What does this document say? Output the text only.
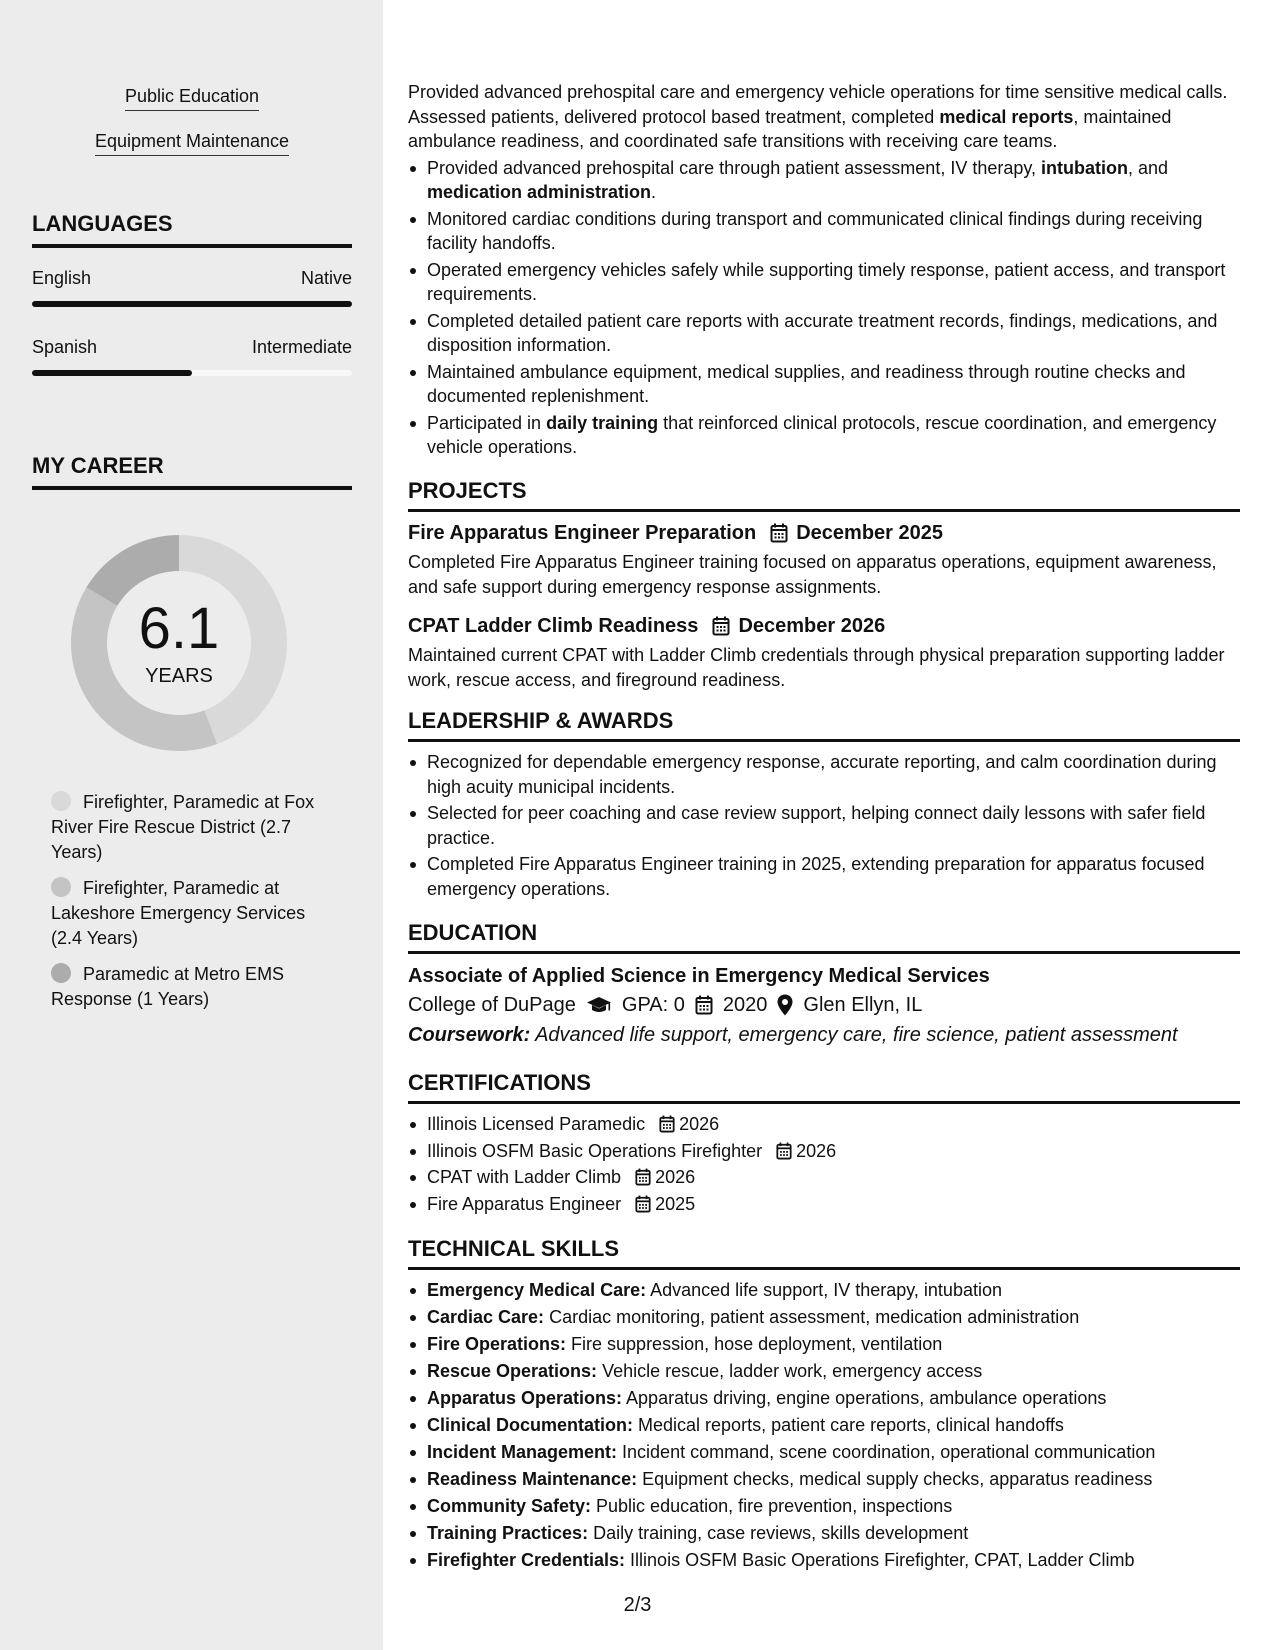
Public Education
Equipment Maintenance
LANGUAGES
English	Native
Spanish	Intermediate
MY CAREER
6.1
YEARS
Firefighter, Paramedic at Fox River Fire Rescue District (2.7 Years)
Firefighter, Paramedic at Lakeshore Emergency Services (2.4 Years)
Paramedic at Metro EMS Response (1 Years)

Provided advanced prehospital care and emergency vehicle operations for time sensitive medical calls. Assessed patients, delivered protocol based treatment, completed medical reports, maintained ambulance readiness, and coordinated safe transitions with receiving care teams.

Provided advanced prehospital care through patient assessment, IV therapy, intubation, and medication administration.
Monitored cardiac conditions during transport and communicated clinical findings during receiving facility handoffs.
Operated emergency vehicles safely while supporting timely response, patient access, and transport requirements.
Completed detailed patient care reports with accurate treatment records, findings, medications, and disposition information.
Maintained ambulance equipment, medical supplies, and readiness through routine checks and documented replenishment.
Participated in daily training that reinforced clinical protocols, rescue coordination, and emergency vehicle operations.
PROJECTS
Fire Apparatus Engineer Preparation December 2025
Completed Fire Apparatus Engineer training focused on apparatus operations, equipment awareness, and safe support during emergency response assignments.
CPAT Ladder Climb Readiness December 2026
Maintained current CPAT with Ladder Climb credentials through physical preparation supporting ladder work, rescue access, and fireground readiness.
LEADERSHIP & AWARDS
Recognized for dependable emergency response, accurate reporting, and calm coordination during high acuity municipal incidents.
Selected for peer coaching and case review support, helping connect daily lessons with safer field practice.
Completed Fire Apparatus Engineer training in 2025, extending preparation for apparatus focused emergency operations.
EDUCATION
Associate of Applied Science in Emergency Medical Services
College of DuPage GPA: 0 2020 Glen Ellyn, IL
Coursework: Advanced life support, emergency care, fire science, patient assessment
CERTIFICATIONS
Illinois Licensed Paramedic 2026
Illinois OSFM Basic Operations Firefighter 2026
CPAT with Ladder Climb 2026
Fire Apparatus Engineer 2025
TECHNICAL SKILLS
Emergency Medical Care: Advanced life support, IV therapy, intubation
Cardiac Care: Cardiac monitoring, patient assessment, medication administration
Fire Operations: Fire suppression, hose deployment, ventilation
Rescue Operations: Vehicle rescue, ladder work, emergency access
Apparatus Operations: Apparatus driving, engine operations, ambulance operations
Clinical Documentation: Medical reports, patient care reports, clinical handoffs
Incident Management: Incident command, scene coordination, operational communication
Readiness Maintenance: Equipment checks, medical supply checks, apparatus readiness
Community Safety: Public education, fire prevention, inspections
Training Practices: Daily training, case reviews, skills development
Firefighter Credentials: Illinois OSFM Basic Operations Firefighter, CPAT, Ladder Climb
2/3
